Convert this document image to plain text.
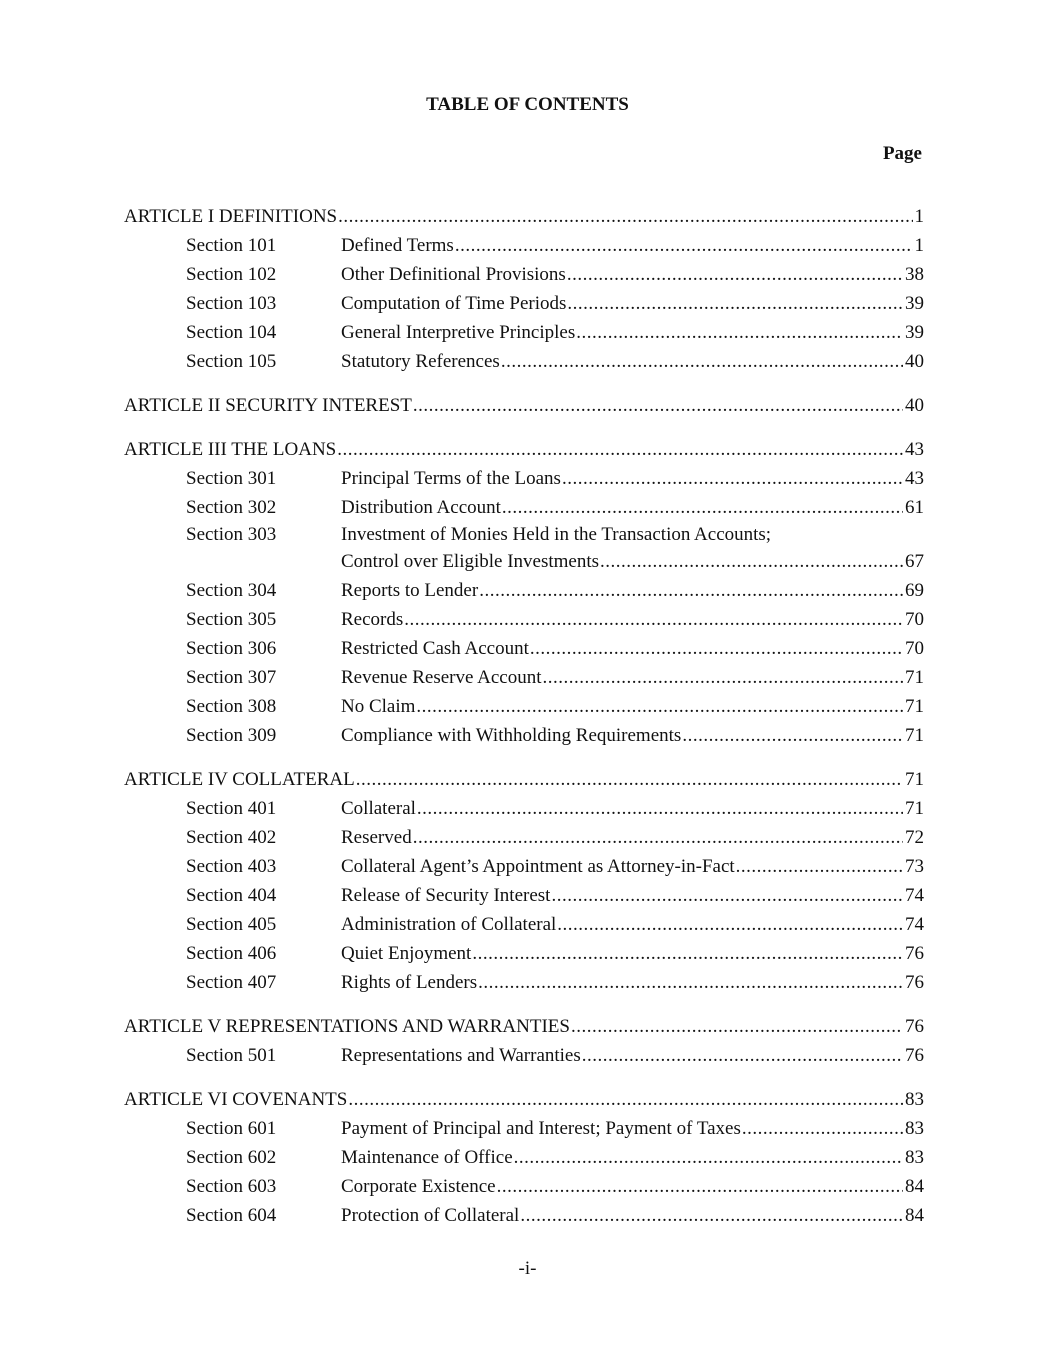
TABLE OF CONTENTS
Page
ARTICLE I DEFINITIONS .....	1
Section 101	Defined Terms .....	1
Section 102	Other Definitional Provisions .....	38
Section 103	Computation of Time Periods .....	39
Section 104	General Interpretive Principles .....	39
Section 105	Statutory References .....	40
ARTICLE II SECURITY INTEREST .....	40
ARTICLE III THE LOANS .....	43
Section 301	Principal Terms of the Loans .....	43
Section 302	Distribution Account .....	61
Section 303	Investment of Monies Held in the Transaction Accounts;
Control over Eligible Investments .....	67
Section 304	Reports to Lender .....	69
Section 305	Records .....	70
Section 306	Restricted Cash Account .....	70
Section 307	Revenue Reserve Account .....	71
Section 308	No Claim .....	71
Section 309	Compliance with Withholding Requirements .....	71
ARTICLE IV COLLATERAL .....	71
Section 401	Collateral .....	71
Section 402	Reserved .....	72
Section 403	Collateral Agent’s Appointment as Attorney-in-Fact .....	73
Section 404	Release of Security Interest .....	74
Section 405	Administration of Collateral .....	74
Section 406	Quiet Enjoyment .....	76
Section 407	Rights of Lenders .....	76
ARTICLE V REPRESENTATIONS AND WARRANTIES .....	76
Section 501	Representations and Warranties .....	76
ARTICLE VI COVENANTS .....	83
Section 601	Payment of Principal and Interest; Payment of Taxes .....	83
Section 602	Maintenance of Office .....	83
Section 603	Corporate Existence .....	84
Section 604	Protection of Collateral .....	84
-i-
